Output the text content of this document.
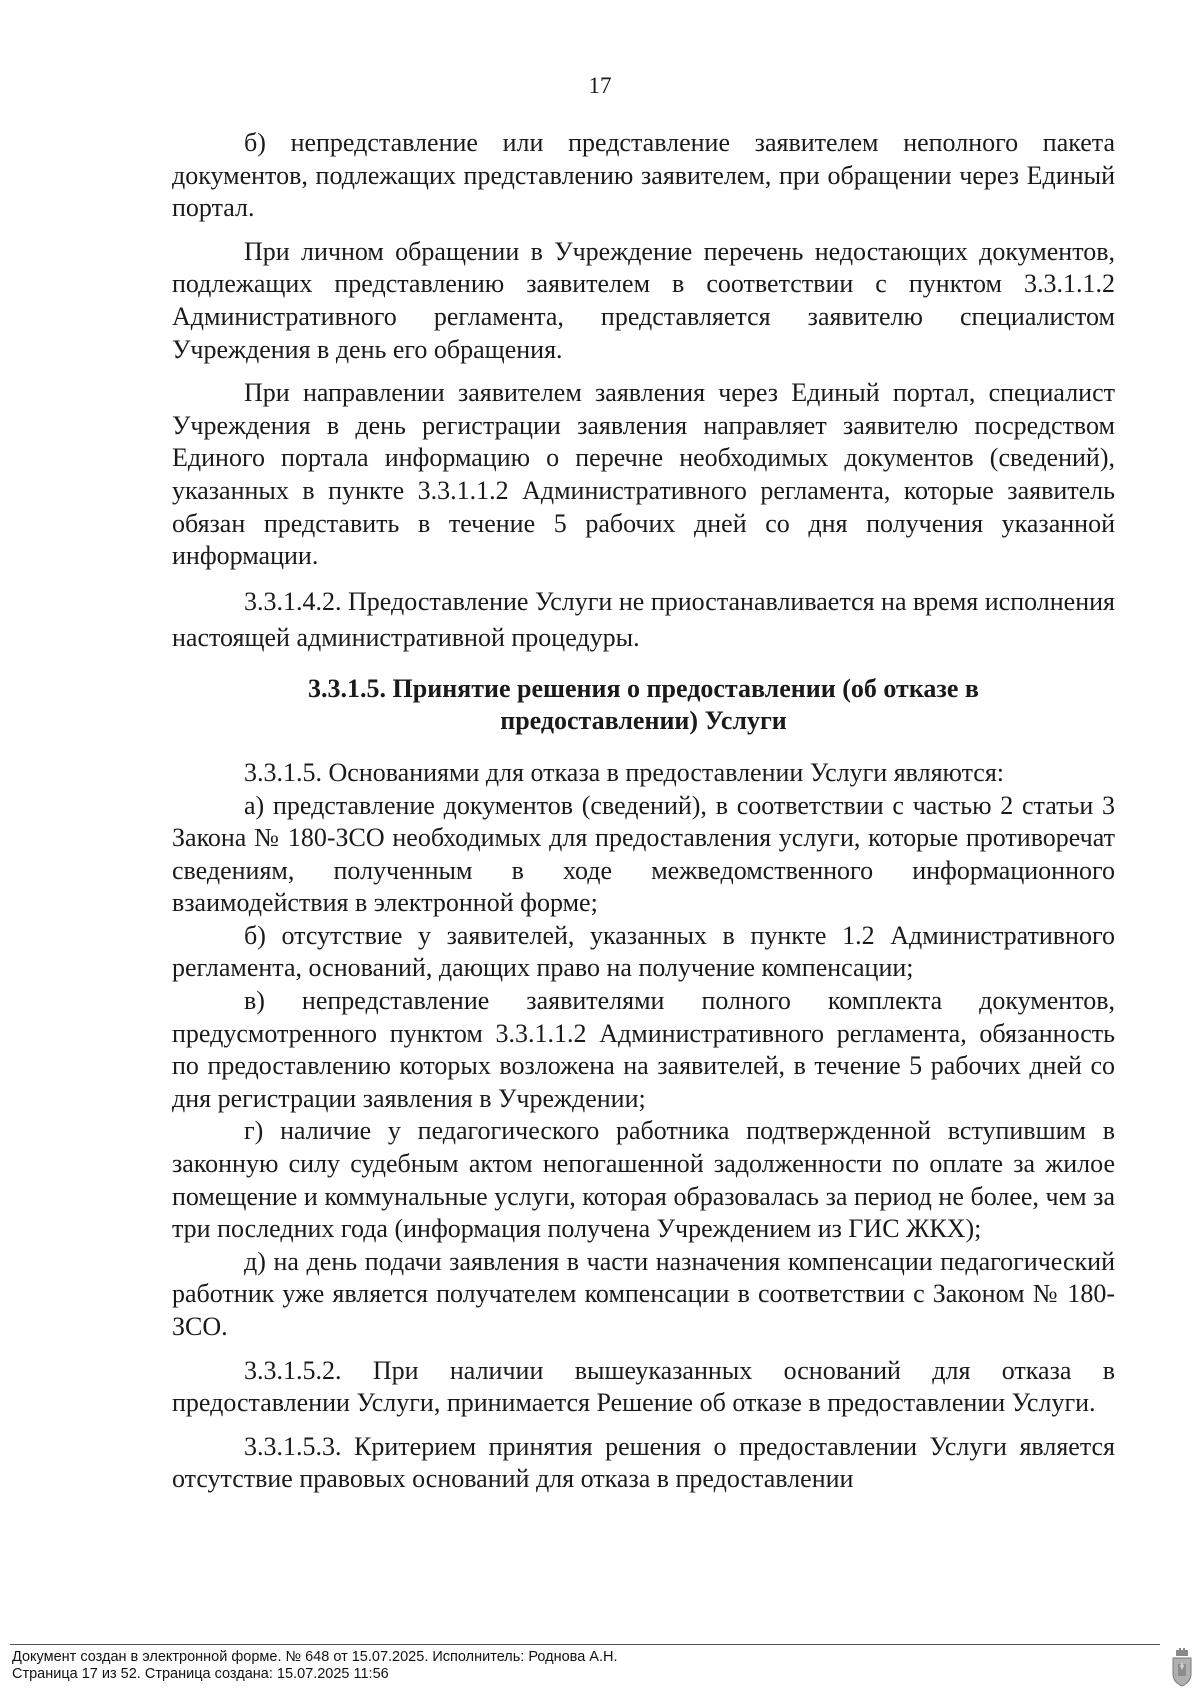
17

б) непредставление или представление заявителем неполного пакета документов, подлежащих представлению заявителем, при обращении через Единый портал.

При личном обращении в Учреждение перечень недостающих документов, подлежащих представлению заявителем в соответствии с пунктом 3.3.1.1.2 Административного регламента, представляется заявителю специалистом Учреждения в день его обращения.

При направлении заявителем заявления через Единый портал, специалист Учреждения в день регистрации заявления направляет заявителю посредством Единого портала информацию о перечне необходимых документов (сведений), указанных в пункте 3.3.1.1.2 Административного регламента, которые заявитель обязан представить в течение 5 рабочих дней со дня получения указанной информации.

3.3.1.4.2. Предоставление Услуги не приостанавливается на время исполнения настоящей административной процедуры.

3.3.1.5. Принятие решения о предоставлении (об отказе в предоставлении) Услуги

3.3.1.5. Основаниями для отказа в предоставлении Услуги являются:

а) представление документов (сведений), в соответствии с частью 2 статьи 3 Закона № 180-ЗСО необходимых для предоставления услуги, которые противоречат сведениям, полученным в ходе межведомственного информационного взаимодействия в электронной форме;

б) отсутствие у заявителей, указанных в пункте 1.2 Административного регламента, оснований, дающих право на получение компенсации;

в) непредставление заявителями полного комплекта документов, предусмотренного пунктом 3.3.1.1.2 Административного регламента, обязанность по предоставлению которых возложена на заявителей, в течение 5 рабочих дней со дня регистрации заявления в Учреждении;

г) наличие у педагогического работника подтвержденной вступившим в законную силу судебным актом непогашенной задолженности по оплате за жилое помещение и коммунальные услуги, которая образовалась за период не более, чем за три последних года (информация получена Учреждением из ГИС ЖКХ);

д) на день подачи заявления в части назначения компенсации педагогический работник уже является получателем компенсации в соответствии с Законом № 180-ЗСО.

3.3.1.5.2. При наличии вышеуказанных оснований для отказа в предоставлении Услуги, принимается Решение об отказе в предоставлении Услуги.

3.3.1.5.3. Критерием принятия решения о предоставлении Услуги является отсутствие правовых оснований для отказа в предоставлении

Документ создан в электронной форме. № 648 от 15.07.2025. Исполнитель: Роднова А.Н.
Страница 17 из 52. Страница создана: 15.07.2025 11:56
